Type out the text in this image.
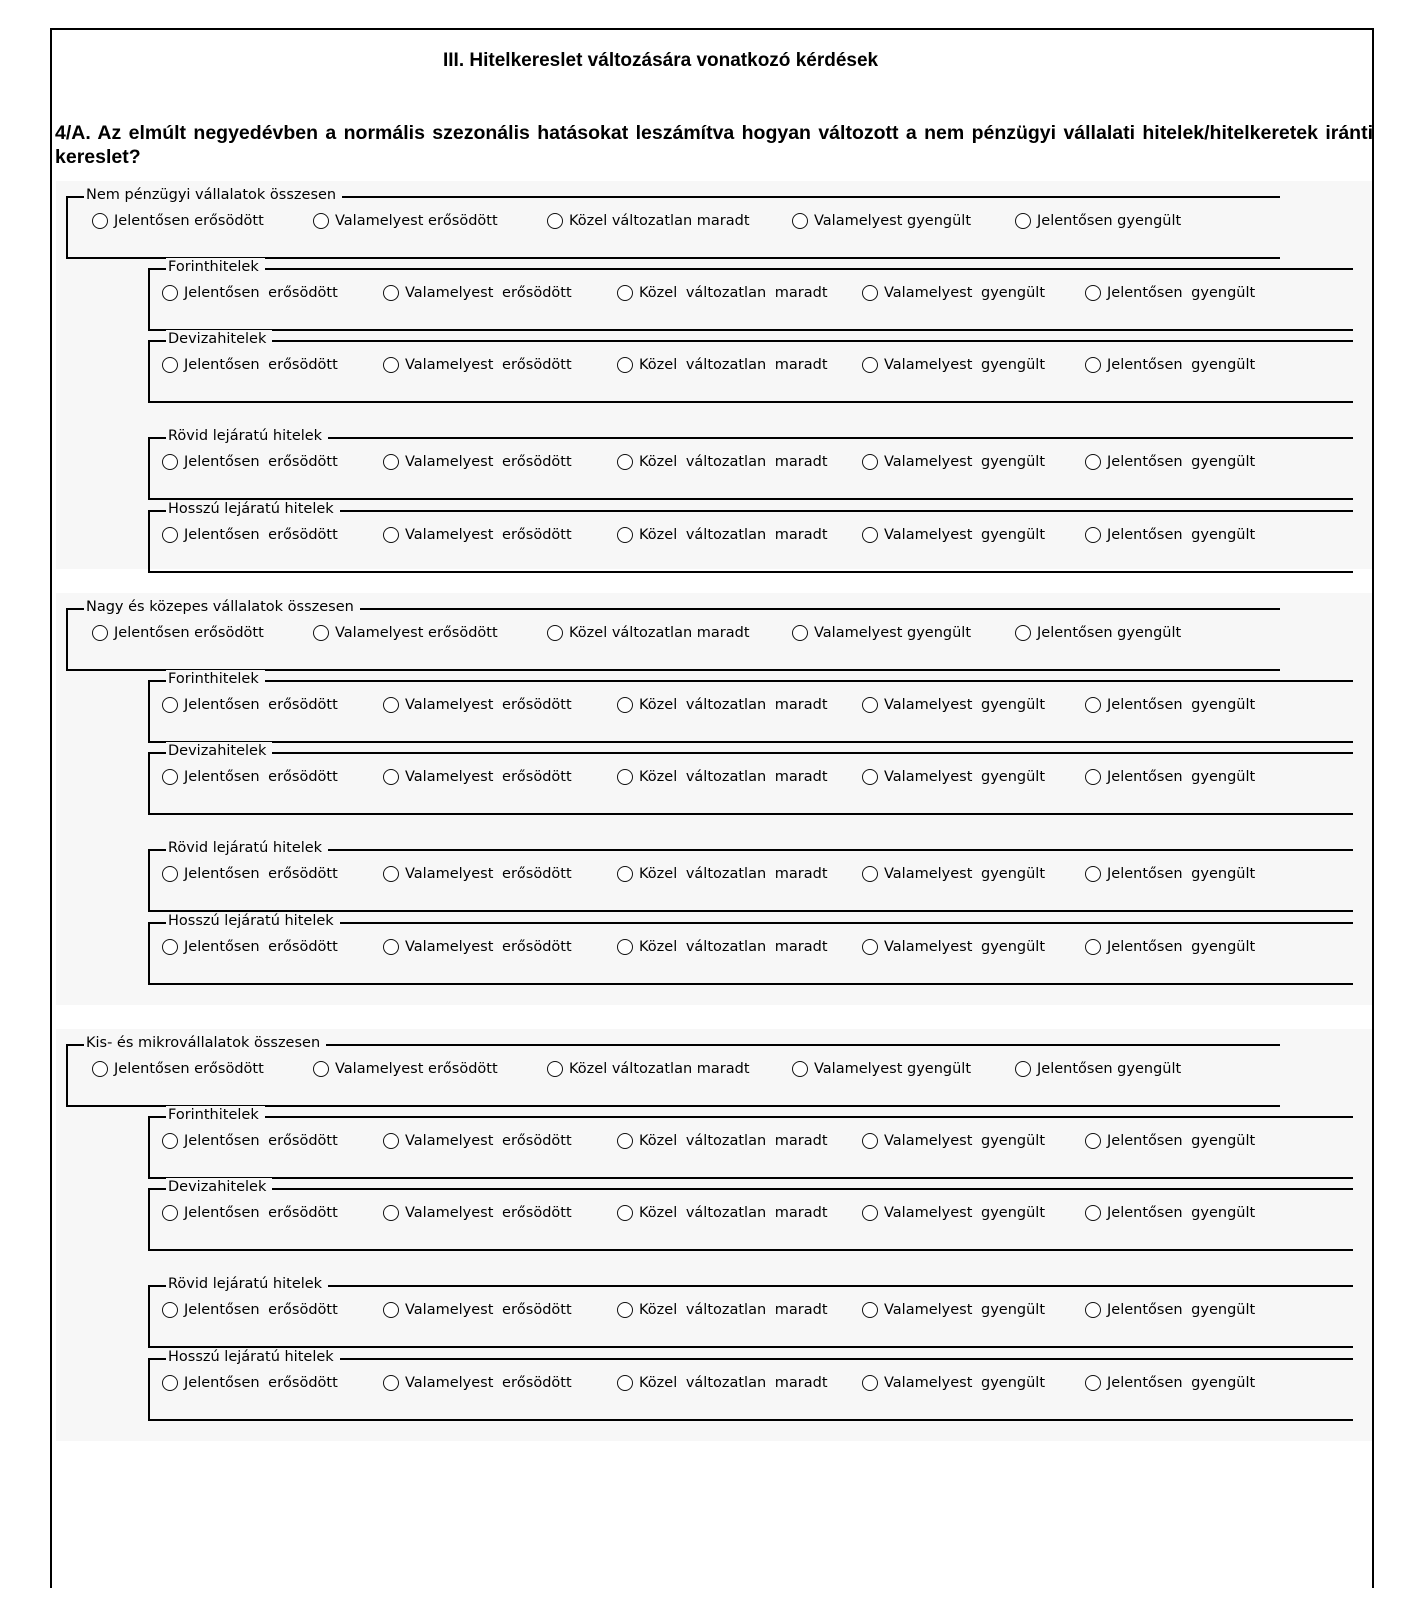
III. Hitelkereslet változására vonatkozó kérdések
4/A. Az elmúlt negyedévben a normális szezonális hatásokat leszámítva hogyan változott a nem pénzügyi vállalati hitelek/hitelkeretek iránti kereslet?
Nem pénzügyi vállalatok összesen
Jelentősen erősödött	Valamelyest erősödött	Közel változatlan maradt	Valamelyest gyengült	Jelentősen gyengült
Forinthitelek
Jelentősen erősödött	Valamelyest erősödött	Közel változatlan maradt	Valamelyest gyengült	Jelentősen gyengült
Devizahitelek
Jelentősen erősödött	Valamelyest erősödött	Közel változatlan maradt	Valamelyest gyengült	Jelentősen gyengült
Rövid lejáratú hitelek
Jelentősen erősödött	Valamelyest erősödött	Közel változatlan maradt	Valamelyest gyengült	Jelentősen gyengült
Hosszú lejáratú hitelek
Jelentősen erősödött	Valamelyest erősödött	Közel változatlan maradt	Valamelyest gyengült	Jelentősen gyengült
Nagy és közepes vállalatok összesen
Jelentősen erősödött	Valamelyest erősödött	Közel változatlan maradt	Valamelyest gyengült	Jelentősen gyengült
Forinthitelek
Jelentősen erősödött	Valamelyest erősödött	Közel változatlan maradt	Valamelyest gyengült	Jelentősen gyengült
Devizahitelek
Jelentősen erősödött	Valamelyest erősödött	Közel változatlan maradt	Valamelyest gyengült	Jelentősen gyengült
Rövid lejáratú hitelek
Jelentősen erősödött	Valamelyest erősödött	Közel változatlan maradt	Valamelyest gyengült	Jelentősen gyengült
Hosszú lejáratú hitelek
Jelentősen erősödött	Valamelyest erősödött	Közel változatlan maradt	Valamelyest gyengült	Jelentősen gyengült
Kis- és mikrovállalatok összesen
Jelentősen erősödött	Valamelyest erősödött	Közel változatlan maradt	Valamelyest gyengült	Jelentősen gyengült
Forinthitelek
Jelentősen erősödött	Valamelyest erősödött	Közel változatlan maradt	Valamelyest gyengült	Jelentősen gyengült
Devizahitelek
Jelentősen erősödött	Valamelyest erősödött	Közel változatlan maradt	Valamelyest gyengült	Jelentősen gyengült
Rövid lejáratú hitelek
Jelentősen erősödött	Valamelyest erősödött	Közel változatlan maradt	Valamelyest gyengült	Jelentősen gyengült
Hosszú lejáratú hitelek
Jelentősen erősödött	Valamelyest erősödött	Közel változatlan maradt	Valamelyest gyengült	Jelentősen gyengült
